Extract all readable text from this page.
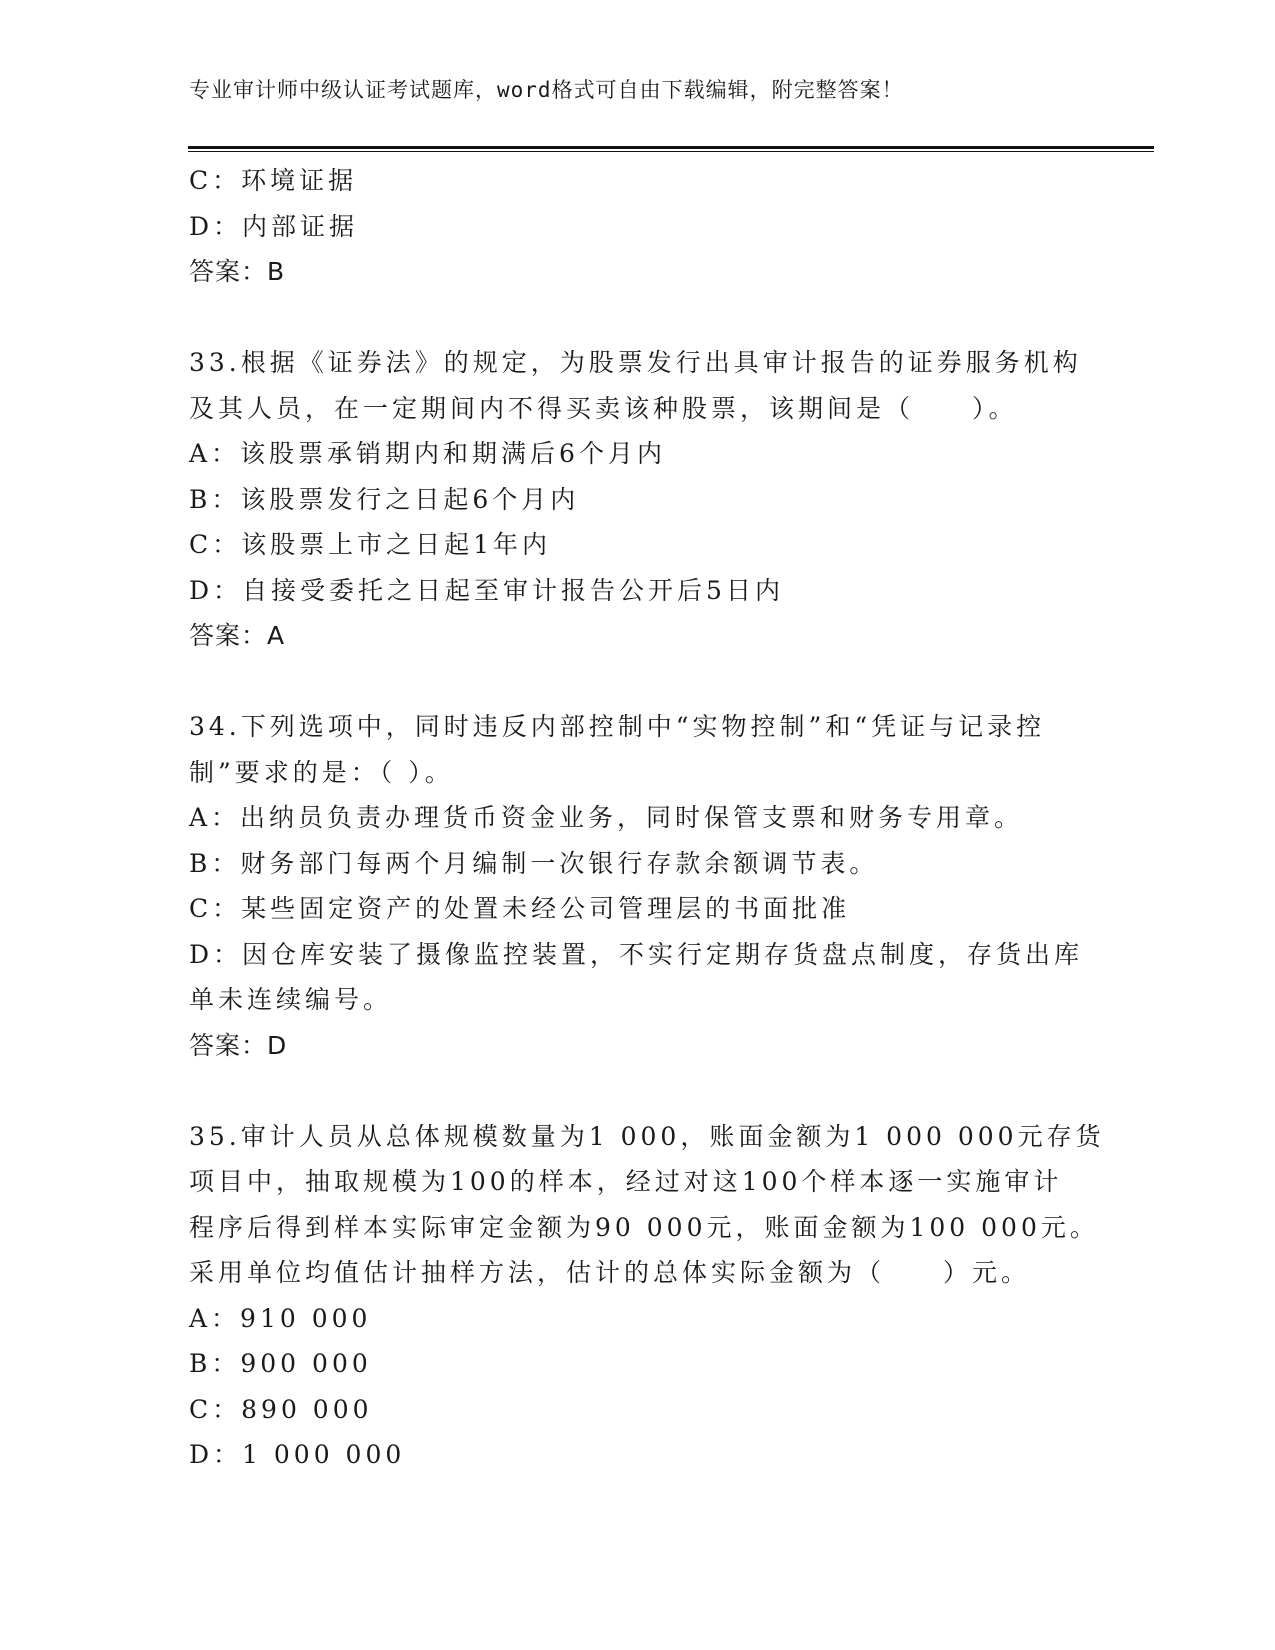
专业审计师中级认证考试题库，word格式可自由下载编辑，附完整答案！
C：环境证据
D：内部证据
答案：B
33.根据《证券法》的规定，为股票发行出具审计报告的证券服务机构
及其人员，在一定期间内不得买卖该种股票，该期间是（　　）。
A：该股票承销期内和期满后6个月内
B：该股票发行之日起6个月内
C：该股票上市之日起1年内
D：自接受委托之日起至审计报告公开后5日内
答案：A
34.下列选项中，同时违反内部控制中“实物控制”和“凭证与记录控
制”要求的是：（ ）。
A：出纳员负责办理货币资金业务，同时保管支票和财务专用章。
B：财务部门每两个月编制一次银行存款余额调节表。
C：某些固定资产的处置未经公司管理层的书面批准
D：因仓库安装了摄像监控装置，不实行定期存货盘点制度，存货出库
单未连续编号。
答案：D
35.审计人员从总体规模数量为1 000，账面金额为1 000 000元存货
项目中，抽取规模为100的样本，经过对这100个样本逐一实施审计
程序后得到样本实际审定金额为90 000元，账面金额为100 000元。
采用单位均值估计抽样方法，估计的总体实际金额为（　　）元。
A：910 000
B：900 000
C：890 000
D：1 000 000
